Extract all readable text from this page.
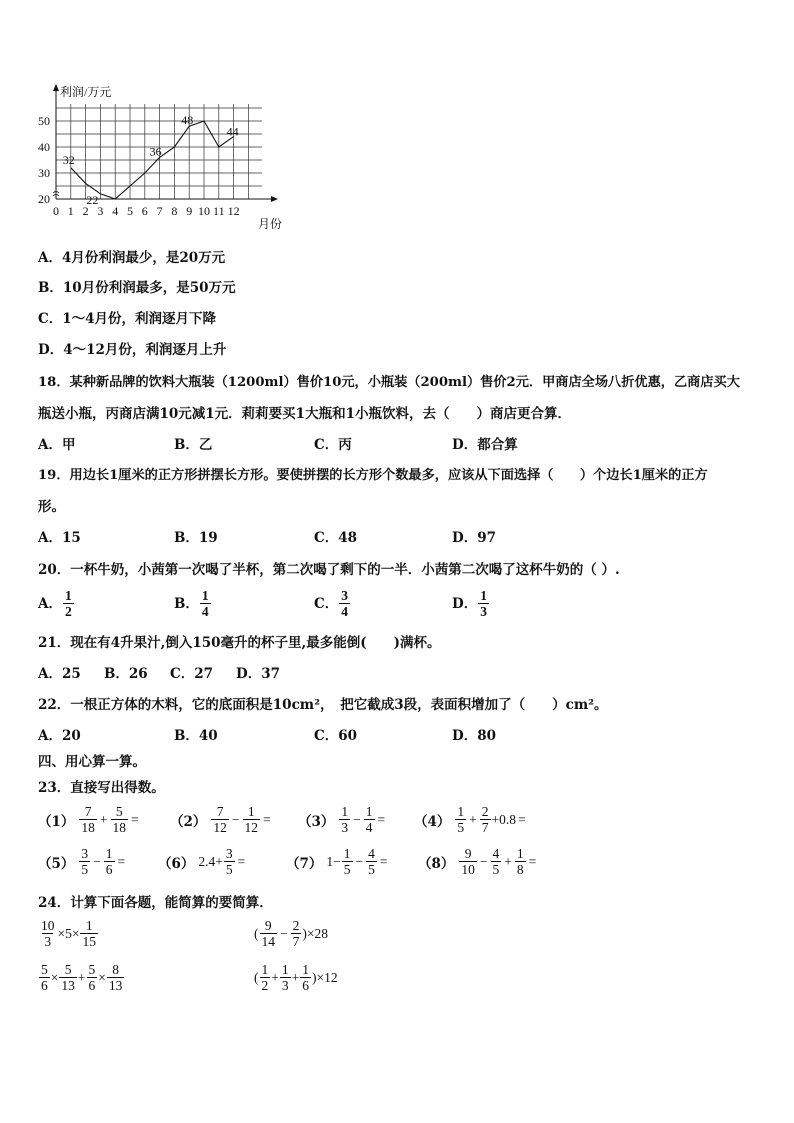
利润/万元
月份
20
30
40
50
0 1 2 3 4 5 6 7 8 9 10 11 12
32
22
36
48
44
A．4月份利润最少，是20万元
B．10月份利润最多，是50万元
C．1～4月份，利润逐月下降
D．4～12月份，利润逐月上升
18．某种新品牌的饮料大瓶装（1200ml）售价10元，小瓶装（200ml）售价2元．甲商店全场八折优惠，乙商店买大
瓶送小瓶，丙商店满10元减1元．莉莉要买1大瓶和1小瓶饮料，去（　　）商店更合算．
A．甲	B．乙	C．丙	D．都合算
19．用边长1厘米的正方形拼摆长方形。要使拼摆的长方形个数最多，应该从下面选择（　　）个边长1厘米的正方
形。
A．15	B．19	C．48	D．97
20．一杯牛奶，小茜第一次喝了半杯，第二次喝了剩下的一半．小茜第二次喝了这杯牛奶的（ ）.
A． $\frac{1}{2}$	B． $\frac{1}{4}$	C． $\frac{3}{4}$	D． $\frac{1}{3}$
21．现在有4升果汁,倒入150毫升的杯子里,最多能倒(　　)满杯。
A．25 B．26 C．27 D．37
22．一根正方体的木料，它的底面积是10cm²，　把它截成3段，表面积增加了（　　）cm²。
A．20	B．40	C．60	D．80
四、用心算一算。
23．直接写出得数。
$(1) \frac{7}{18} + \frac{5}{18} = (2) \frac{7}{12} - \frac{1}{12} = (3) \frac{1}{3} - \frac{1}{4} = (4) \frac{1}{5} + \frac{2}{7} +0.8$ =
$(5) \frac{3}{5} - \frac{1}{6} = (6)$ $2.4+ \frac{3}{5}$ =	（7） $1- \frac{1}{5} - \frac{4}{5} = (8) \frac{9}{10} - \frac{4}{5} + \frac{1}{8}$ =
24．计算下面各题，能简算的要简算．
$\frac{10}{3} \times 5\times \frac{1}{15}$	( $\frac{9}{14} - \frac{2}{7} )\times 28$
$\frac{5}{6} \times \frac{5}{13} + \frac{5}{6} \times \frac{8}{13}$	( $\frac{1}{2} + \frac{1}{3} + \frac{1}{6} )\times 12$
